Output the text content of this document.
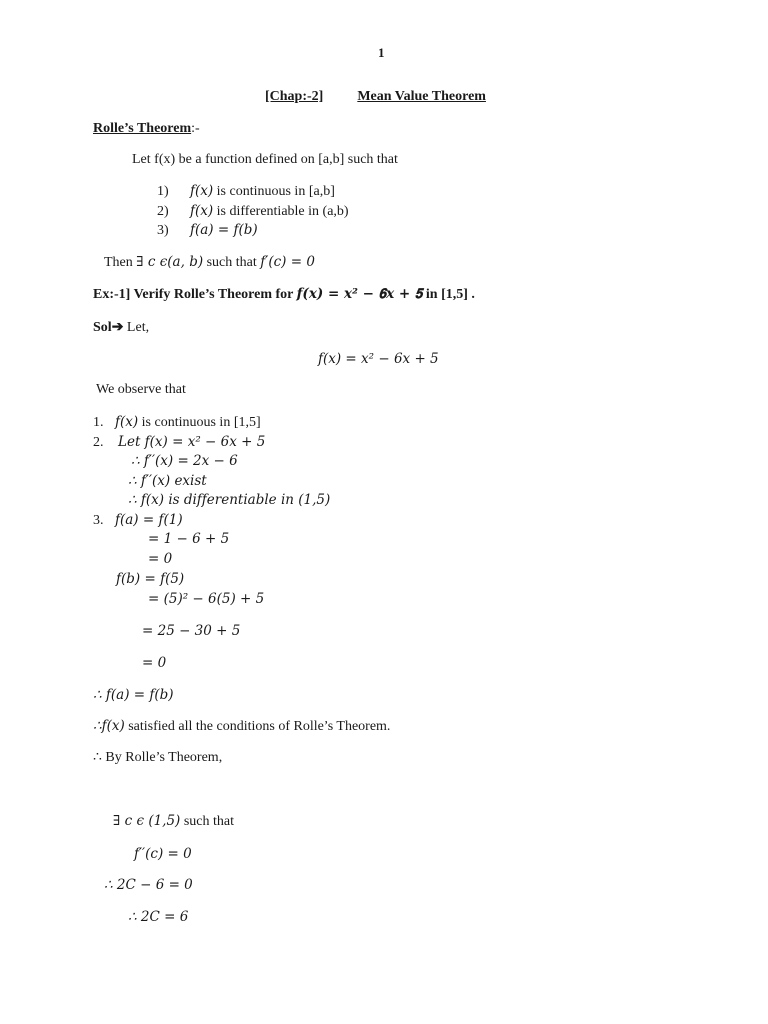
1
[Chap:-2] Mean Value Theorem
Rolle’s Theorem:-
Let f(x) be a function defined on [a,b] such that
1) 𝑓(𝑥) is continuous in [a,b]
2) 𝑓(𝑥) is differentiable in (a,b)
3) 𝑓(𝑎) = 𝑓(𝑏)
Then ∃ 𝑐 𝜖(𝑎, 𝑏) such that 𝑓′(𝑐) = 0
Ex:-1] Verify Rolle’s Theorem for 𝒇(𝒙) = 𝒙² − 𝟔𝒙 + 𝟓 in [1,5] .
Sol➔ Let,
𝑓(𝑥) = 𝑥² − 6𝑥 + 5
We observe that
1. 𝑓(𝑥) is continuous in [1,5]
2. 𝐿𝑒𝑡 𝑓(𝑥) = 𝑥² − 6𝑥 + 5
∴ 𝑓′′(𝑥) = 2𝑥 − 6
∴ 𝑓′′(𝑥) 𝑒𝑥𝑖𝑠𝑡
∴ 𝑓(𝑥) 𝑖𝑠 𝑑𝑖𝑓𝑓𝑒𝑟𝑒𝑛𝑡𝑖𝑎𝑏𝑙𝑒 𝑖𝑛 (1,5)
3. 𝑓(𝑎) = 𝑓(1)
= 1 − 6 + 5
= 0
𝑓(𝑏) = 𝑓(5)
= (5)² − 6(5) + 5
= 25 − 30 + 5
= 0
∴ 𝑓(𝑎) = 𝑓(𝑏)
∴𝑓(𝑥) satisfied all the conditions of Rolle’s Theorem.
∴ By Rolle’s Theorem,
∃ 𝑐 𝜖 (1,5) such that
𝑓′′(𝑐) = 0
∴ 2𝐶 − 6 = 0
∴ 2𝐶 = 6
